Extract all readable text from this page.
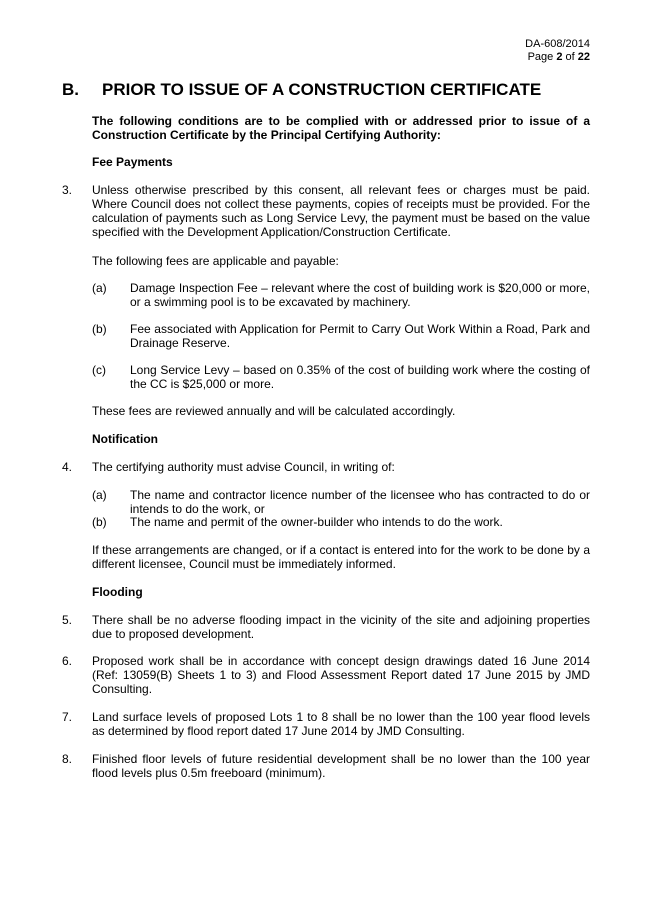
DA-608/2014
Page 2 of 22
B. PRIOR TO ISSUE OF A CONSTRUCTION CERTIFICATE
The following conditions are to be complied with or addressed prior to issue of a Construction Certificate by the Principal Certifying Authority:
Fee Payments
3. Unless otherwise prescribed by this consent, all relevant fees or charges must be paid. Where Council does not collect these payments, copies of receipts must be provided. For the calculation of payments such as Long Service Levy, the payment must be based on the value specified with the Development Application/Construction Certificate.
The following fees are applicable and payable:
(a) Damage Inspection Fee – relevant where the cost of building work is $20,000 or more, or a swimming pool is to be excavated by machinery.
(b) Fee associated with Application for Permit to Carry Out Work Within a Road, Park and Drainage Reserve.
(c) Long Service Levy – based on 0.35% of the cost of building work where the costing of the CC is $25,000 or more.
These fees are reviewed annually and will be calculated accordingly.
Notification
4. The certifying authority must advise Council, in writing of:
(a) The name and contractor licence number of the licensee who has contracted to do or intends to do the work, or
(b) The name and permit of the owner-builder who intends to do the work.
If these arrangements are changed, or if a contact is entered into for the work to be done by a different licensee, Council must be immediately informed.
Flooding
5. There shall be no adverse flooding impact in the vicinity of the site and adjoining properties due to proposed development.
6. Proposed work shall be in accordance with concept design drawings dated 16 June 2014 (Ref: 13059(B) Sheets 1 to 3) and Flood Assessment Report dated 17 June 2015 by JMD Consulting.
7. Land surface levels of proposed Lots 1 to 8 shall be no lower than the 100 year flood levels as determined by flood report dated 17 June 2014 by JMD Consulting.
8. Finished floor levels of future residential development shall be no lower than the 100 year flood levels plus 0.5m freeboard (minimum).
